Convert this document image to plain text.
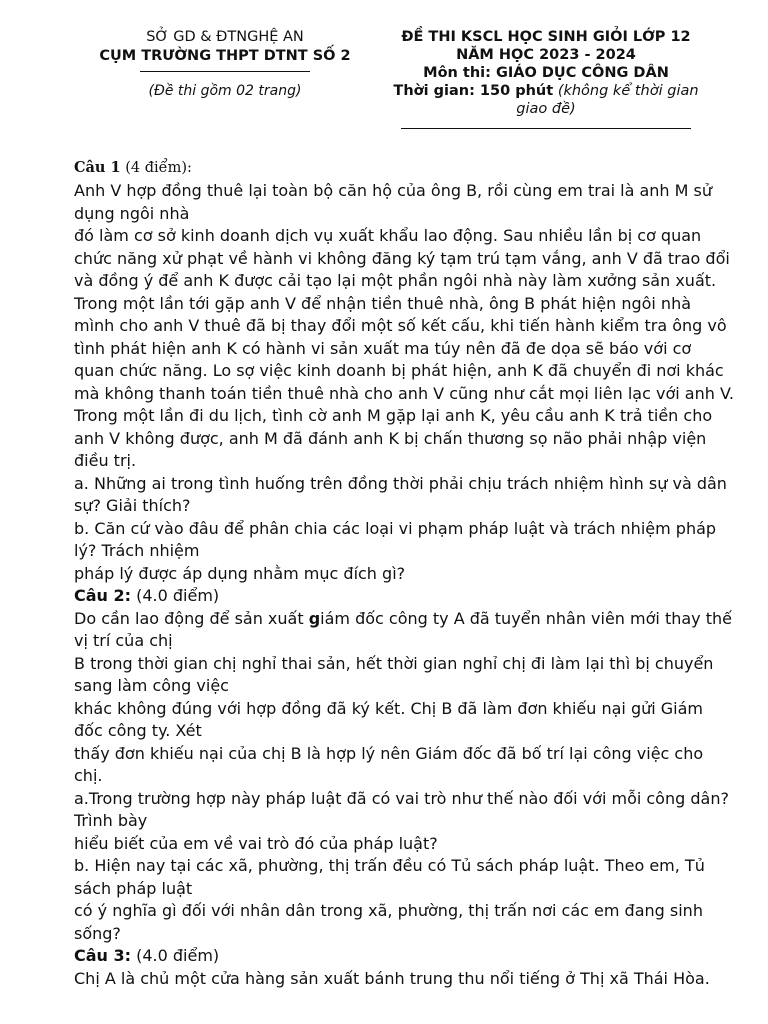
SỞ GD & ĐTNGHỆ AN
CỤM TRƯỜNG THPT DTNT SỐ 2
(Đề thi gồm 02 trang)
ĐỀ THI KSCL HỌC SINH GIỎI LỚP 12
NĂM HỌC 2023 - 2024
Môn thi: GIÁO DỤC CÔNG DÂN
Thời gian: 150 phút (không kể thời gian giao đề)

Câu 1 (4 điểm):

Anh V hợp đồng thuê lại toàn bộ căn hộ của ông B, rồi cùng em trai là anh M sử dụng ngôi nhà

đó làm cơ sở kinh doanh dịch vụ xuất khẩu lao động. Sau nhiều lần bị cơ quan chức năng xử phạt về hành vi không đăng ký tạm trú tạm vắng, anh V đã trao đổi và đồng ý để anh K được cải tạo lại một phần ngôi nhà này làm xưởng sản xuất. Trong một lần tới gặp anh V để nhận tiền thuê nhà, ông B phát hiện ngôi nhà mình cho anh V thuê đã bị thay đổi một số kết cấu, khi tiến hành kiểm tra ông vô tình phát hiện anh K có hành vi sản xuất ma túy nên đã đe dọa sẽ báo với cơ quan chức năng. Lo sợ việc kinh doanh bị phát hiện, anh K đã chuyển đi nơi khác mà không thanh toán tiền thuê nhà cho anh V cũng như cắt mọi liên lạc với anh V. Trong một lần đi du lịch, tình cờ anh M gặp lại anh K, yêu cầu anh K trả tiền cho anh V không được, anh M đã đánh anh K bị chấn thương sọ não phải nhập viện điều trị.

a. Những ai trong tình huống trên đồng thời phải chịu trách nhiệm hình sự và dân sự? Giải thích?

b. Căn cứ vào đâu để phân chia các loại vi phạm pháp luật và trách nhiệm pháp lý? Trách nhiệm

pháp lý được áp dụng nhằm mục đích gì?

Câu 2: (4.0 điểm)

Do cần lao động để sản xuất giám đốc công ty A đã tuyển nhân viên mới thay thế vị trí của chị

B trong thời gian chị nghỉ thai sản, hết thời gian nghỉ chị đi làm lại thì bị chuyển sang làm công việc

khác không đúng với hợp đồng đã ký kết. Chị B đã làm đơn khiếu nại gửi Giám đốc công ty. Xét

thấy đơn khiếu nại của chị B là hợp lý nên Giám đốc đã bố trí lại công việc cho chị.

a.Trong trường hợp này pháp luật đã có vai trò như thế nào đối với mỗi công dân? Trình bày

hiểu biết của em về vai trò đó của pháp luật?

b. Hiện nay tại các xã, phường, thị trấn đều có Tủ sách pháp luật. Theo em, Tủ sách pháp luật

có ý nghĩa gì đối với nhân dân trong xã, phường, thị trấn nơi các em đang sinh sống?

Câu 3: (4.0 điểm)

Chị A là chủ một cửa hàng sản xuất bánh trung thu nổi tiếng ở Thị xã Thái Hòa.
